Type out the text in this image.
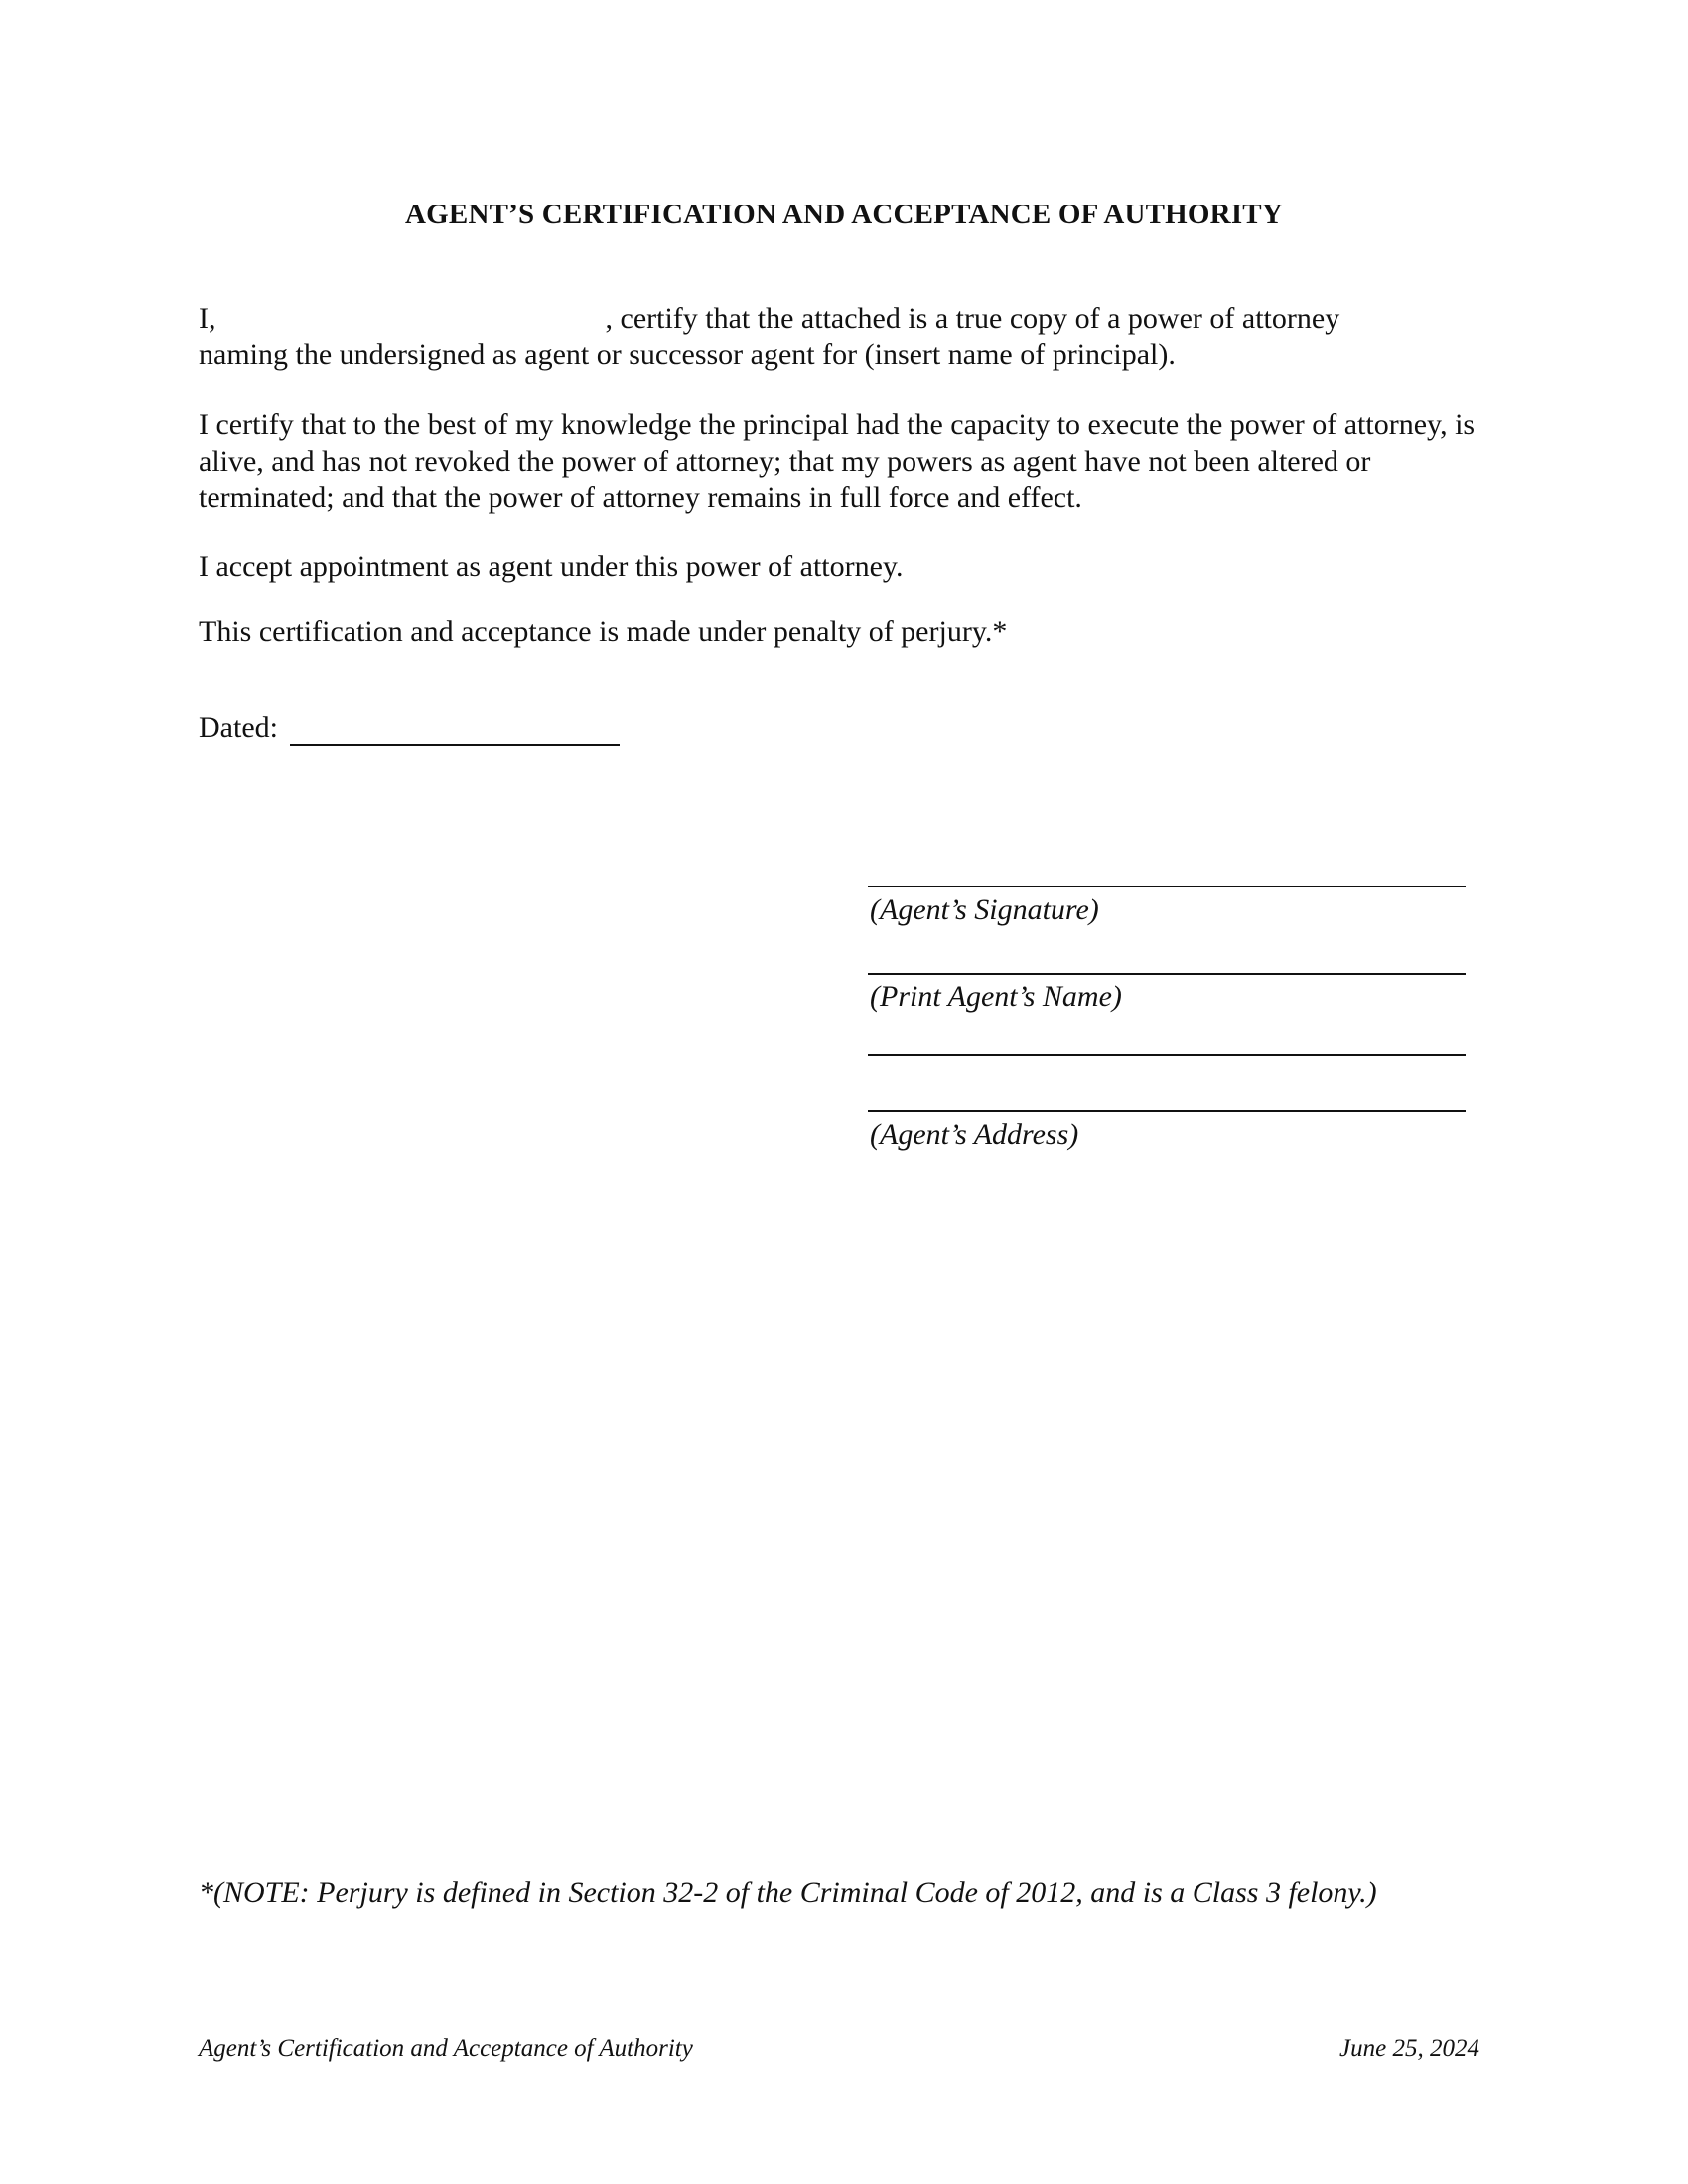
AGENT’S CERTIFICATION AND ACCEPTANCE OF AUTHORITY
I,	, certify that the attached is a true copy of a power of attorney
naming the undersigned as agent or successor agent for (insert name of principal).
I certify that to the best of my knowledge the principal had the capacity to execute the power of attorney, is alive, and has not revoked the power of attorney; that my powers as agent have not been altered or terminated; and that the power of attorney remains in full force and effect.
I accept appointment as agent under this power of attorney.
This certification and acceptance is made under penalty of perjury.*
Dated:
(Agent’s Signature)
(Print Agent’s Name)
(Agent’s Address)
*(NOTE: Perjury is defined in Section 32-2 of the Criminal Code of 2012, and is a Class 3 felony.)
Agent’s Certification and Acceptance of Authority	June 25, 2024
